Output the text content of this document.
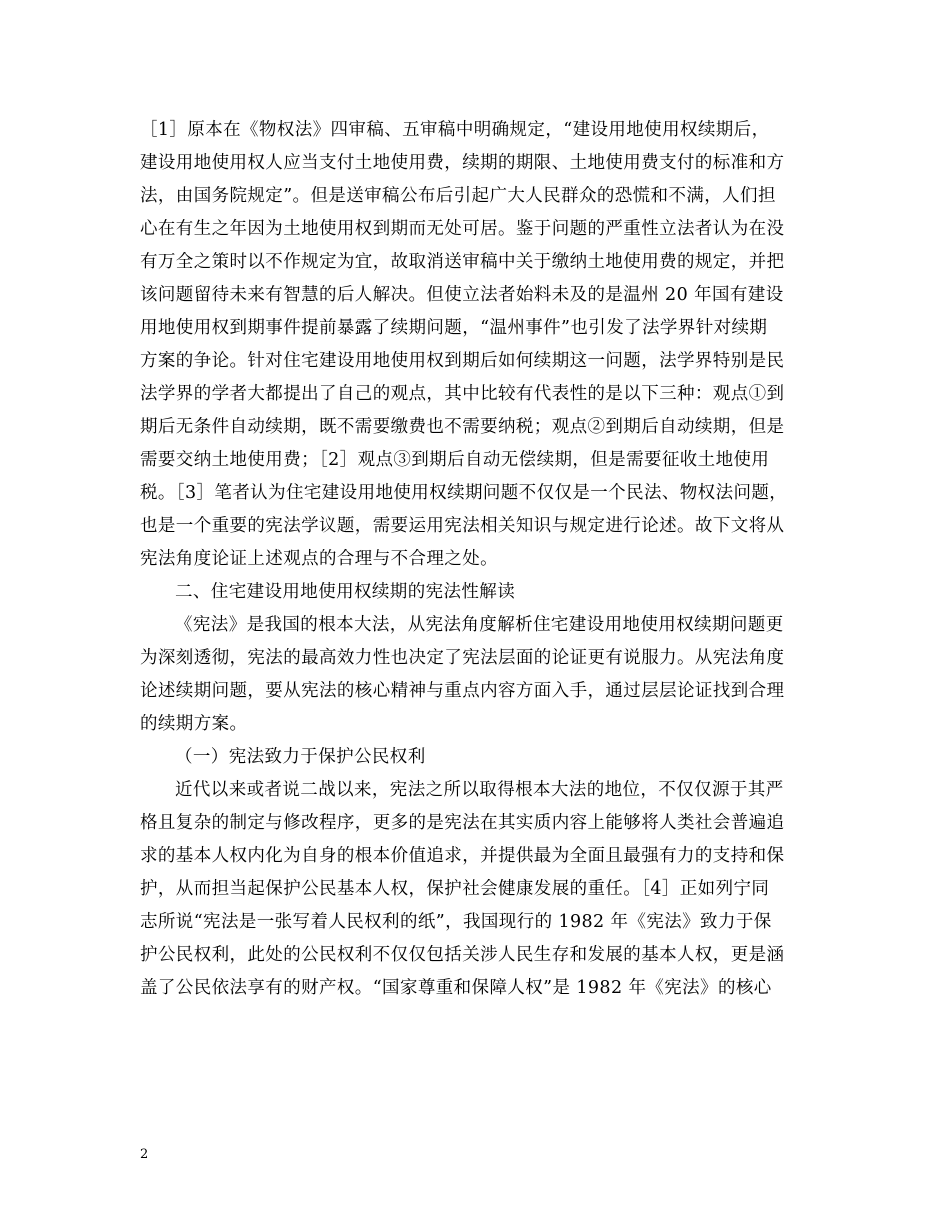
［1］原本在《物权法》四审稿、五审稿中明确规定，“建设用地使用权续期后，
建设用地使用权人应当支付土地使用费，续期的期限、土地使用费支付的标准和方
法，由国务院规定”。但是送审稿公布后引起广大人民群众的恐慌和不满，人们担
心在有生之年因为土地使用权到期而无处可居。鉴于问题的严重性立法者认为在没
有万全之策时以不作规定为宜，故取消送审稿中关于缴纳土地使用费的规定，并把
该问题留待未来有智慧的后人解决。但使立法者始料未及的是温州 20 年国有建设
用地使用权到期事件提前暴露了续期问题，“温州事件”也引发了法学界针对续期
方案的争论。针对住宅建设用地使用权到期后如何续期这一问题，法学界特别是民
法学界的学者大都提出了自己的观点，其中比较有代表性的是以下三种：观点①到
期后无条件自动续期，既不需要缴费也不需要纳税；观点②到期后自动续期，但是
需要交纳土地使用费；［2］观点③到期后自动无偿续期，但是需要征收土地使用
税。［3］笔者认为住宅建设用地使用权续期问题不仅仅是一个民法、物权法问题，
也是一个重要的宪法学议题，需要运用宪法相关知识与规定进行论述。故下文将从
宪法角度论证上述观点的合理与不合理之处。
二、住宅建设用地使用权续期的宪法性解读
《宪法》是我国的根本大法，从宪法角度解析住宅建设用地使用权续期问题更
为深刻透彻，宪法的最高效力性也决定了宪法层面的论证更有说服力。从宪法角度
论述续期问题，要从宪法的核心精神与重点内容方面入手，通过层层论证找到合理
的续期方案。
（一）宪法致力于保护公民权利
近代以来或者说二战以来，宪法之所以取得根本大法的地位，不仅仅源于其严
格且复杂的制定与修改程序，更多的是宪法在其实质内容上能够将人类社会普遍追
求的基本人权内化为自身的根本价值追求，并提供最为全面且最强有力的支持和保
护，从而担当起保护公民基本人权，保护社会健康发展的重任。［4］正如列宁同
志所说“宪法是一张写着人民权利的纸”，我国现行的 1982 年《宪法》致力于保
护公民权利，此处的公民权利不仅仅包括关涉人民生存和发展的基本人权，更是涵
盖了公民依法享有的财产权。“国家尊重和保障人权”是 1982 年《宪法》的核心
2
